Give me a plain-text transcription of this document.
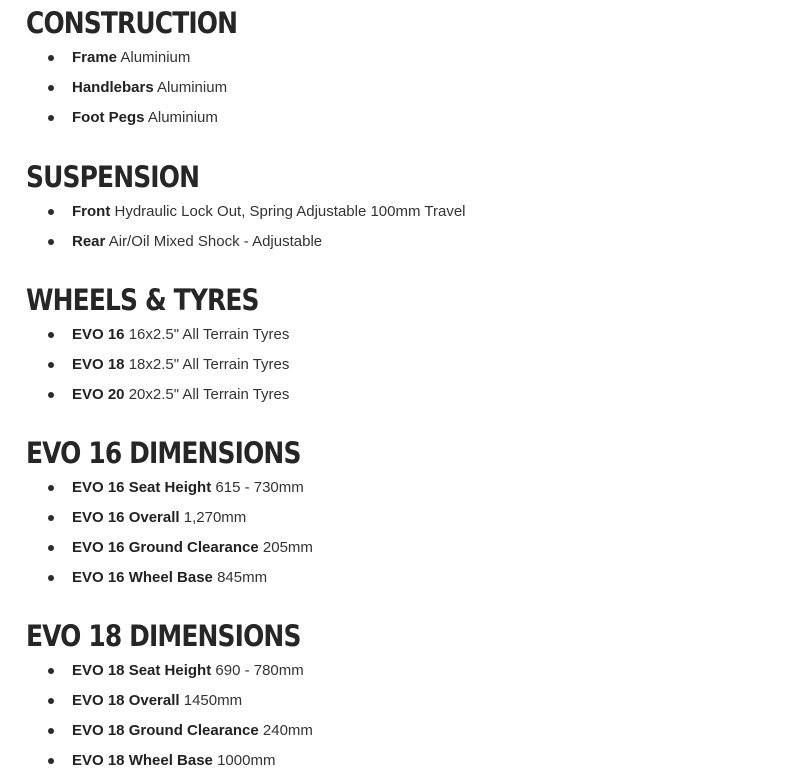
CONSTRUCTION
Frame Aluminium
Handlebars Aluminium
Foot Pegs Aluminium
SUSPENSION
Front Hydraulic Lock Out, Spring Adjustable 100mm Travel
Rear Air/Oil Mixed Shock - Adjustable
WHEELS & TYRES
EVO 16 16x2.5" All Terrain Tyres
EVO 18 18x2.5" All Terrain Tyres
EVO 20 20x2.5" All Terrain Tyres
EVO 16 DIMENSIONS
EVO 16 Seat Height 615 - 730mm
EVO 16 Overall 1,270mm
EVO 16 Ground Clearance 205mm
EVO 16 Wheel Base 845mm
EVO 18 DIMENSIONS
EVO 18 Seat Height 690 - 780mm
EVO 18 Overall 1450mm
EVO 18 Ground Clearance 240mm
EVO 18 Wheel Base 1000mm
